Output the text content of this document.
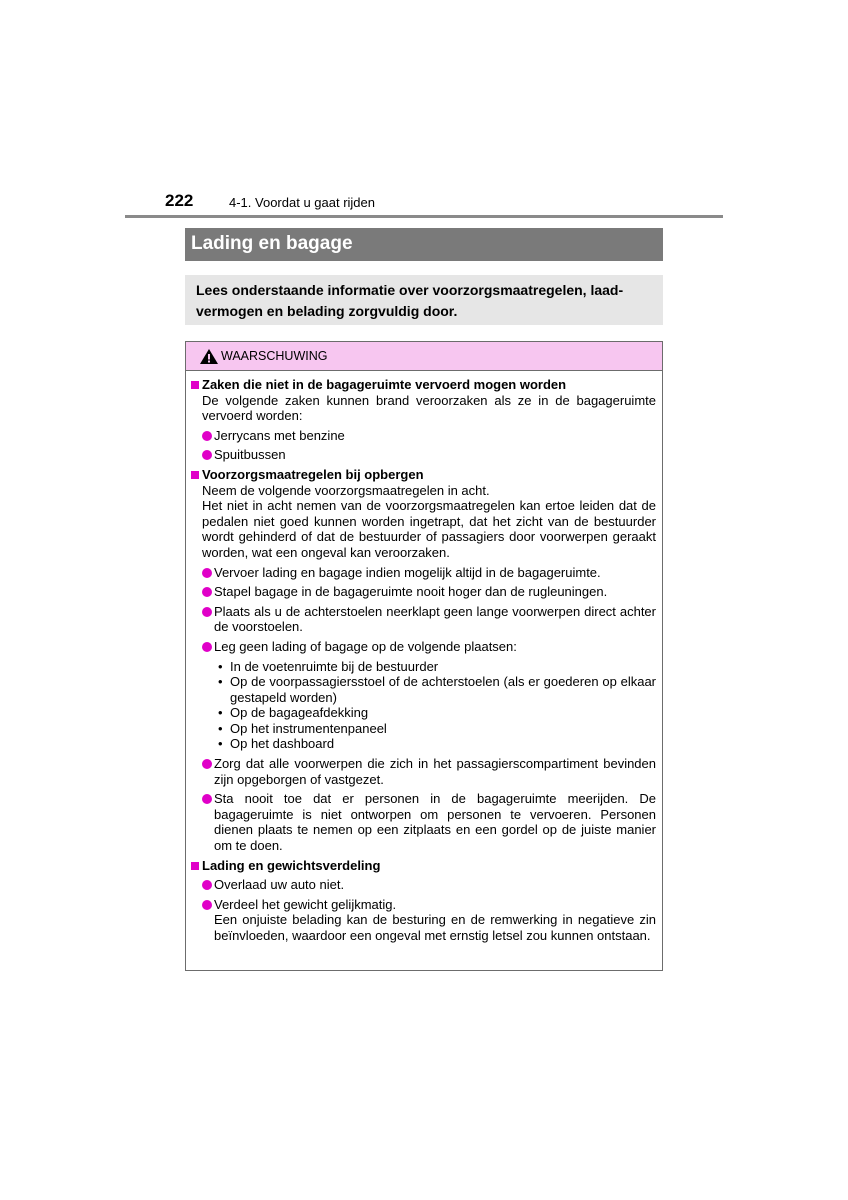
222	4-1. Voordat u gaat rijden
Lading en bagage
Lees onderstaande informatie over voorzorgsmaatregelen, laad-vermogen en belading zorgvuldig door.
WAARSCHUWING
Zaken die niet in de bagageruimte vervoerd mogen worden
De volgende zaken kunnen brand veroorzaken als ze in de bagageruimte vervoerd worden:
Jerrycans met benzine
Spuitbussen
Voorzorgsmaatregelen bij opbergen
Neem de volgende voorzorgsmaatregelen in acht.
Het niet in acht nemen van de voorzorgsmaatregelen kan ertoe leiden dat de pedalen niet goed kunnen worden ingetrapt, dat het zicht van de bestuurder wordt gehinderd of dat de bestuurder of passagiers door voorwerpen geraakt worden, wat een ongeval kan veroorzaken.
Vervoer lading en bagage indien mogelijk altijd in de bagageruimte.
Stapel bagage in de bagageruimte nooit hoger dan de rugleuningen.
Plaats als u de achterstoelen neerklapt geen lange voorwerpen direct achter de voorstoelen.
Leg geen lading of bagage op de volgende plaatsen:
• In de voetenruimte bij de bestuurder
• Op de voorpassagiersstoel of de achterstoelen (als er goederen op elkaar gestapeld worden)
• Op de bagageafdekking
• Op het instrumentenpaneel
• Op het dashboard
Zorg dat alle voorwerpen die zich in het passagierscompartiment bevinden zijn opgeborgen of vastgezet.
Sta nooit toe dat er personen in de bagageruimte meerijden. De bagageruimte is niet ontworpen om personen te vervoeren. Personen dienen plaats te nemen op een zitplaats en een gordel op de juiste manier om te doen.
Lading en gewichtsverdeling
Overlaad uw auto niet.
Verdeel het gewicht gelijkmatig.
Een onjuiste belading kan de besturing en de remwerking in negatieve zin beïnvloeden, waardoor een ongeval met ernstig letsel zou kunnen ontstaan.
